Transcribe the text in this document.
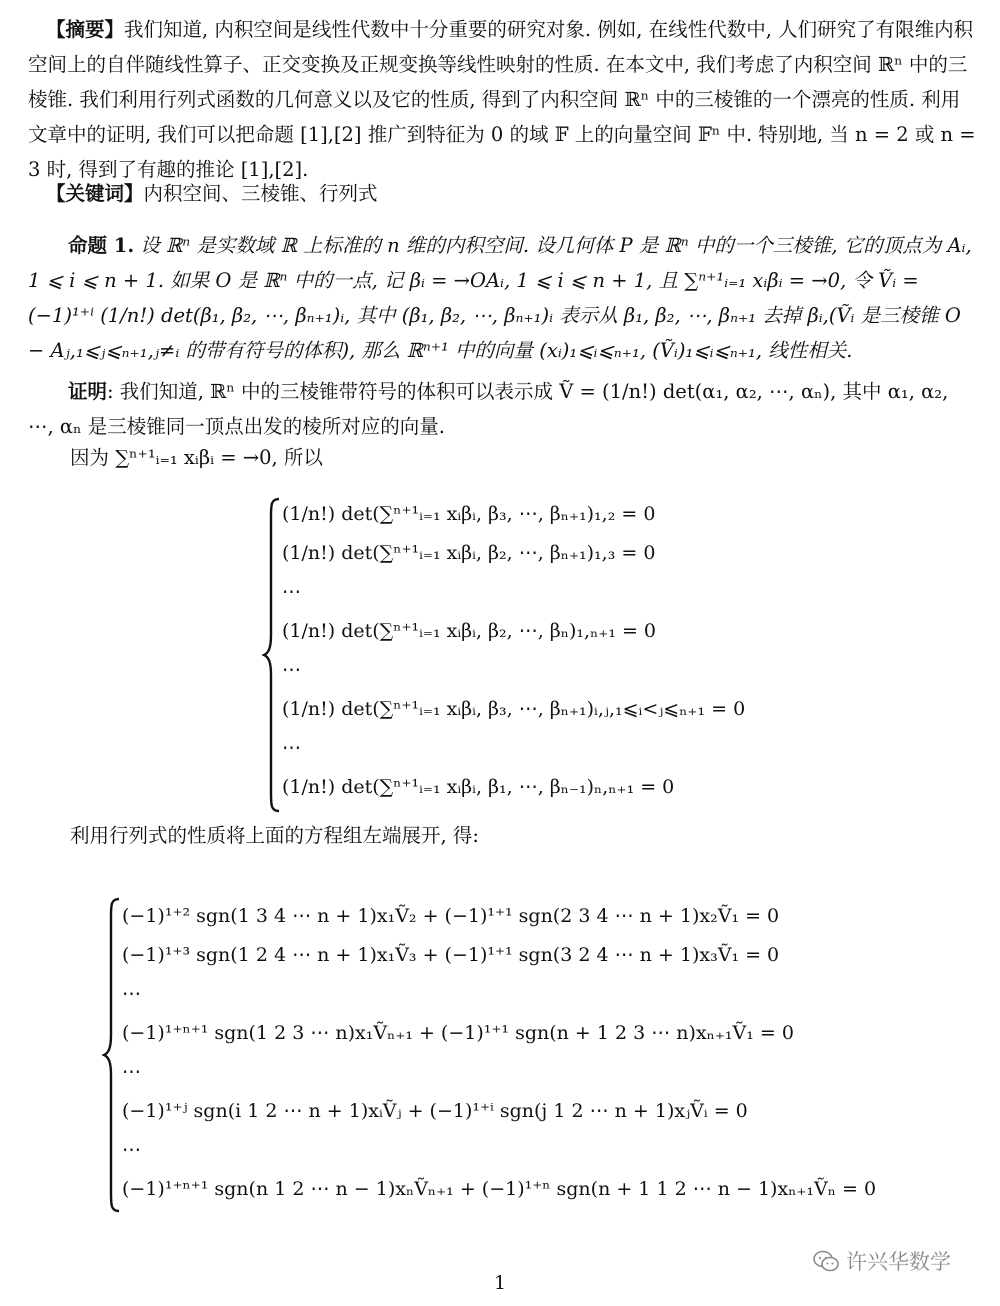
【摘要】我们知道, 内积空间是线性代数中十分重要的研究对象. 例如, 在线性代数中, 人们研究了有限维内积空间上的自伴随线性算子、正交变换及正规变换等线性映射的性质. 在本文中, 我们考虑了内积空间 ℝⁿ 中的三棱锥. 我们利用行列式函数的几何意义以及它的性质, 得到了内积空间 ℝⁿ 中的三棱锥的一个漂亮的性质. 利用文章中的证明, 我们可以把命题 [1],[2] 推广到特征为 0 的域 𝔽 上的向量空间 𝔽ⁿ 中. 特别地, 当 n = 2 或 n = 3 时, 得到了有趣的推论 [1],[2].
【关键词】内积空间、三棱锥、行列式
命题 1. 设 ℝⁿ 是实数域 ℝ 上标准的 n 维的内积空间. 设几何体 P 是 ℝⁿ 中的一个三棱锥, 它的顶点为 Aᵢ, 1 ⩽ i ⩽ n + 1. 如果 O 是 ℝⁿ 中的一点, 记 βᵢ = →OAᵢ, 1 ⩽ i ⩽ n + 1, 且 ∑ⁿ⁺¹ᵢ₌₁ xᵢβᵢ = →0, 令 Ṽᵢ = (−1)¹⁺ⁱ (1/n!) det(β₁, β₂, ⋯, βₙ₊₁)ᵢ, 其中 (β₁, β₂, ⋯, βₙ₊₁)ᵢ 表示从 β₁, β₂, ⋯, βₙ₊₁ 去掉 βᵢ,(Ṽᵢ 是三棱锥 O − Aⱼ,₁⩽ⱼ⩽ₙ₊₁,ⱼ≠ᵢ 的带有符号的体积), 那么 ℝⁿ⁺¹ 中的向量 (xᵢ)₁⩽ᵢ⩽ₙ₊₁, (Ṽᵢ)₁⩽ᵢ⩽ₙ₊₁, 线性相关.
证明: 我们知道, ℝⁿ 中的三棱锥带符号的体积可以表示成 Ṽ = (1/n!) det(α₁, α₂, ⋯, αₙ), 其中 α₁, α₂, ⋯, αₙ 是三棱锥同一顶点出发的棱所对应的向量.
因为 ∑ⁿ⁺¹ᵢ₌₁ xᵢβᵢ = →0, 所以
(1/n!) det(∑ⁿ⁺¹ᵢ₌₁ xᵢβᵢ, β₃, ⋯, βₙ₊₁)₁,₂ = 0
(1/n!) det(∑ⁿ⁺¹ᵢ₌₁ xᵢβᵢ, β₂, ⋯, βₙ₊₁)₁,₃ = 0
⋯
(1/n!) det(∑ⁿ⁺¹ᵢ₌₁ xᵢβᵢ, β₂, ⋯, βₙ)₁,ₙ₊₁ = 0
⋯
(1/n!) det(∑ⁿ⁺¹ᵢ₌₁ xᵢβᵢ, β₃, ⋯, βₙ₊₁)ᵢ,ⱼ,₁⩽ᵢ<ⱼ⩽ₙ₊₁ = 0
⋯
(1/n!) det(∑ⁿ⁺¹ᵢ₌₁ xᵢβᵢ, β₁, ⋯, βₙ₋₁)ₙ,ₙ₊₁ = 0
利用行列式的性质将上面的方程组左端展开, 得:
(−1)¹⁺² sgn(1 3 4 ⋯ n + 1)x₁Ṽ₂ + (−1)¹⁺¹ sgn(2 3 4 ⋯ n + 1)x₂Ṽ₁ = 0
(−1)¹⁺³ sgn(1 2 4 ⋯ n + 1)x₁Ṽ₃ + (−1)¹⁺¹ sgn(3 2 4 ⋯ n + 1)x₃Ṽ₁ = 0
⋯
(−1)¹⁺ⁿ⁺¹ sgn(1 2 3 ⋯ n)x₁Ṽₙ₊₁ + (−1)¹⁺¹ sgn(n + 1 2 3 ⋯ n)xₙ₊₁Ṽ₁ = 0
⋯
(−1)¹⁺ʲ sgn(i 1 2 ⋯ n + 1)xᵢṼⱼ + (−1)¹⁺ⁱ sgn(j 1 2 ⋯ n + 1)xⱼṼᵢ = 0
⋯
(−1)¹⁺ⁿ⁺¹ sgn(n 1 2 ⋯ n − 1)xₙṼₙ₊₁ + (−1)¹⁺ⁿ sgn(n + 1 1 2 ⋯ n − 1)xₙ₊₁Ṽₙ = 0
许兴华数学
1
